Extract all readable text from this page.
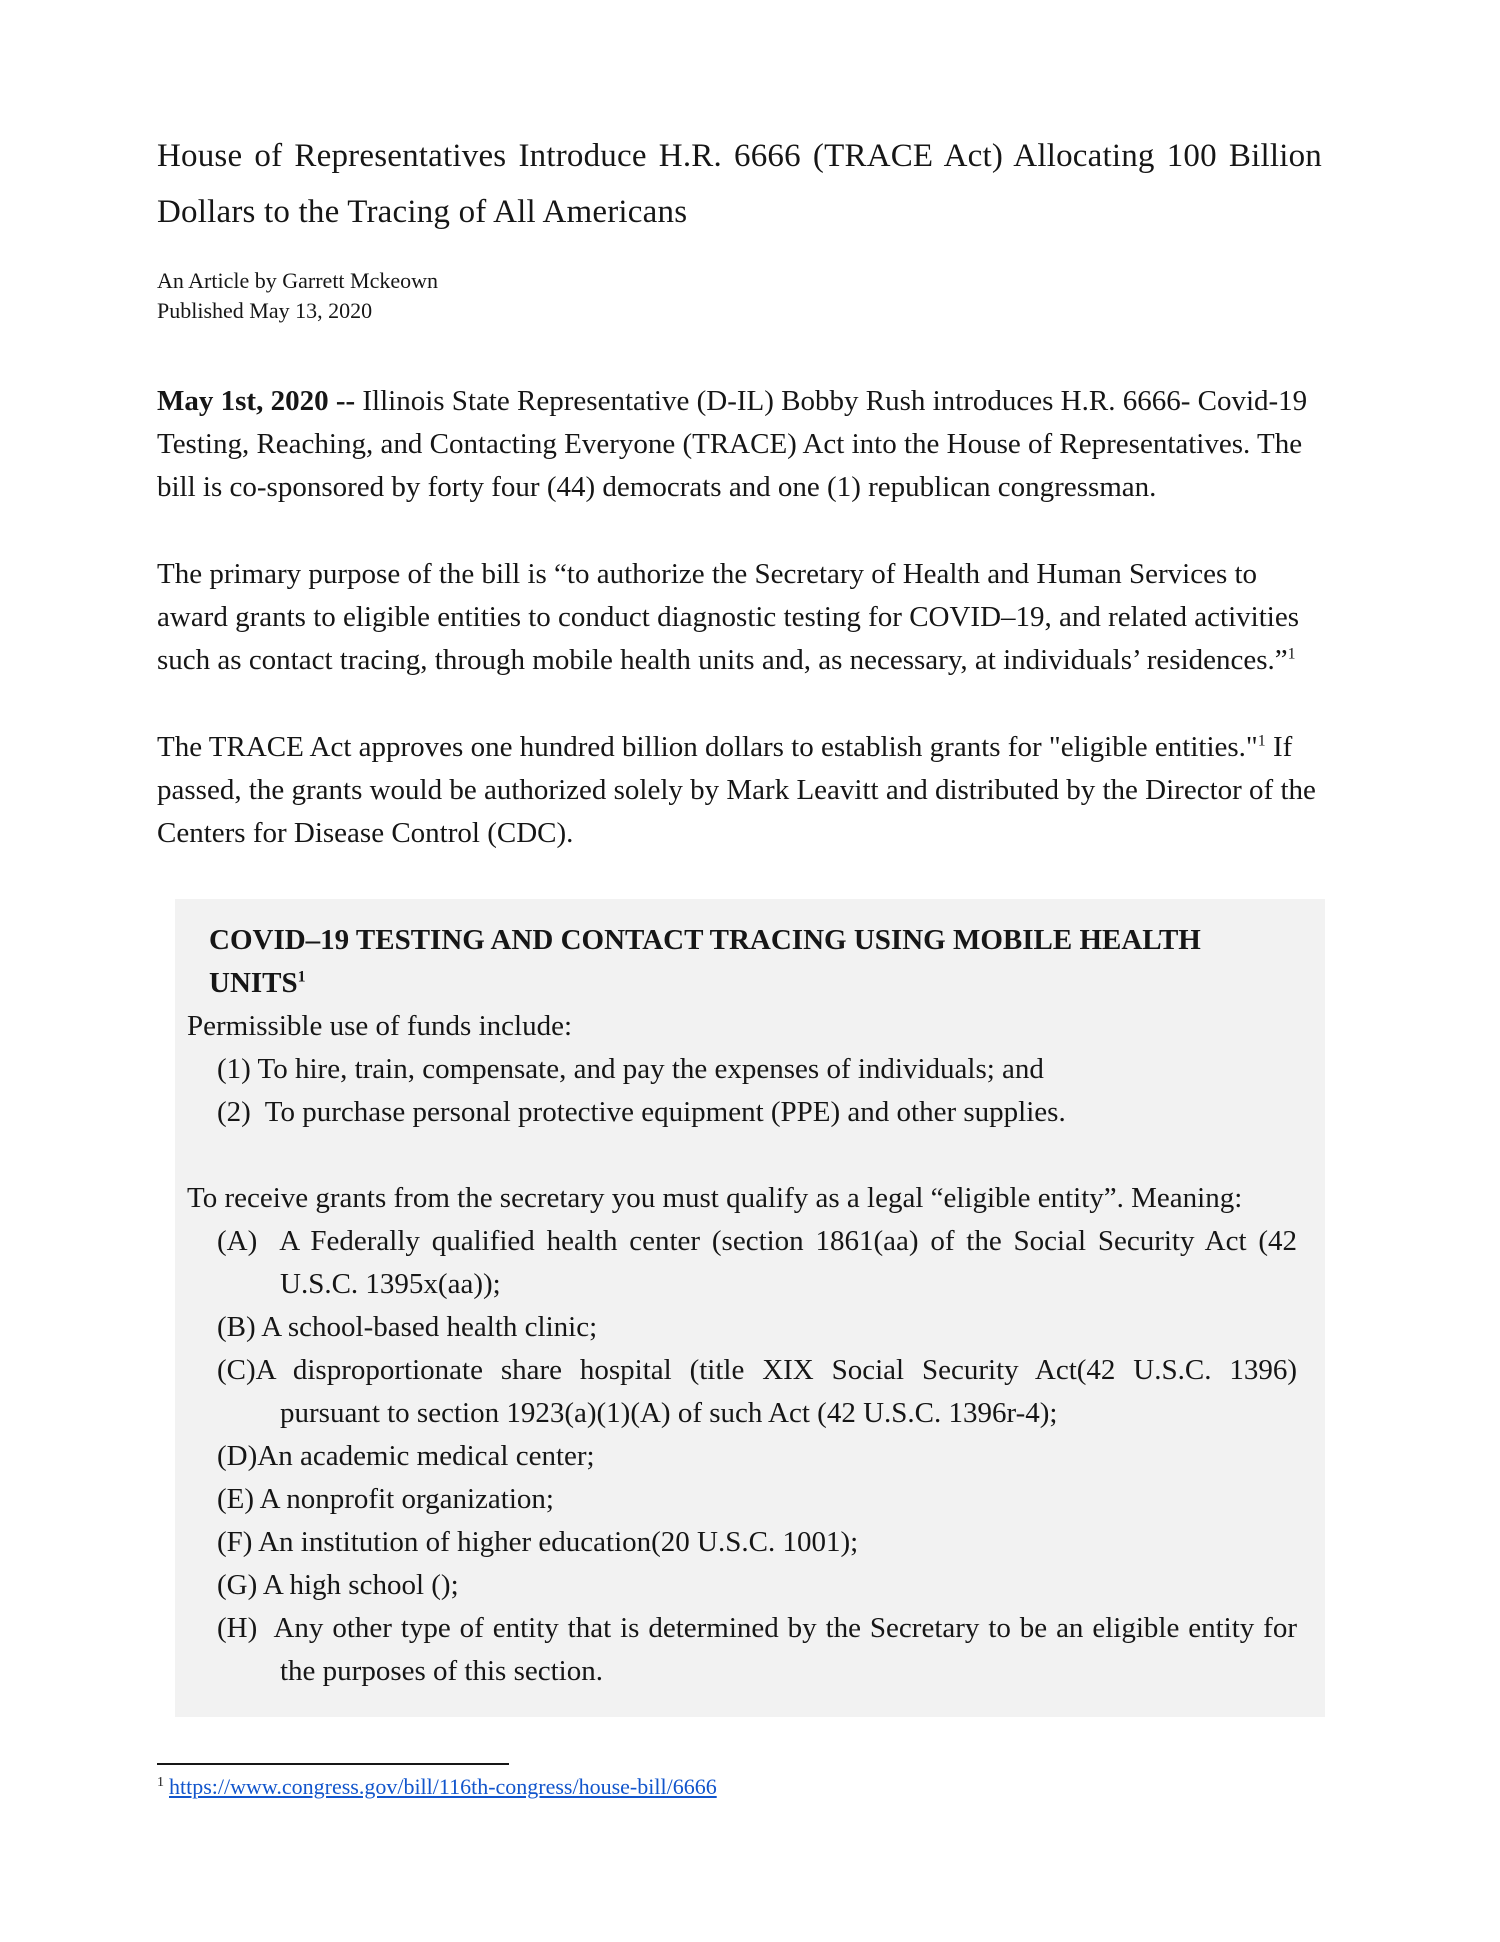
House of Representatives Introduce H.R. 6666 (TRACE Act) Allocating 100 Billion Dollars to the Tracing of All Americans
An Article by Garrett Mckeown
Published May 13, 2020

May 1st, 2020 -- Illinois State Representative (D-IL) Bobby Rush introduces H.R. 6666- Covid-19 Testing, Reaching, and Contacting Everyone (TRACE) Act into the House of Representatives. The bill is co-sponsored by forty four (44) democrats and one (1) republican congressman.

The primary purpose of the bill is “to authorize the Secretary of Health and Human Services to award grants to eligible entities to conduct diagnostic testing for COVID–19, and related activities such as contact tracing, through mobile health units and, as necessary, at individuals’ residences.”$^1$

The TRACE Act approves one hundred billion dollars to establish grants for "eligible entities."$^1$ If passed, the grants would be authorized solely by Mark Leavitt and distributed by the Director of the Centers for Disease Control (CDC).

COVID–19 TESTING AND CONTACT TRACING USING MOBILE HEALTH UNITS$^1$
Permissible use of funds include:
(1) To hire, train, compensate, and pay the expenses of individuals; and
(2)  To purchase personal protective equipment (PPE) and other supplies.
To receive grants from the secretary you must qualify as a legal “eligible entity”. Meaning:
(A)  A Federally qualified health center (section 1861(aa) of the Social Security Act (42 U.S.C. 1395x(aa));
(B) A school-based health clinic;
(C)A disproportionate share hospital (title XIX Social Security Act(42 U.S.C. 1396) pursuant to section 1923(a)(1)(A) of such Act (42 U.S.C. 1396r-4);
(D)An academic medical center;
(E) A nonprofit organization;
(F) An institution of higher education(20 U.S.C. 1001);
(G) A high school ();
(H)  Any other type of entity that is determined by the Secretary to be an eligible entity for the purposes of this section.
$^1$ https://www.congress.gov/bill/116th-congress/house-bill/6666
